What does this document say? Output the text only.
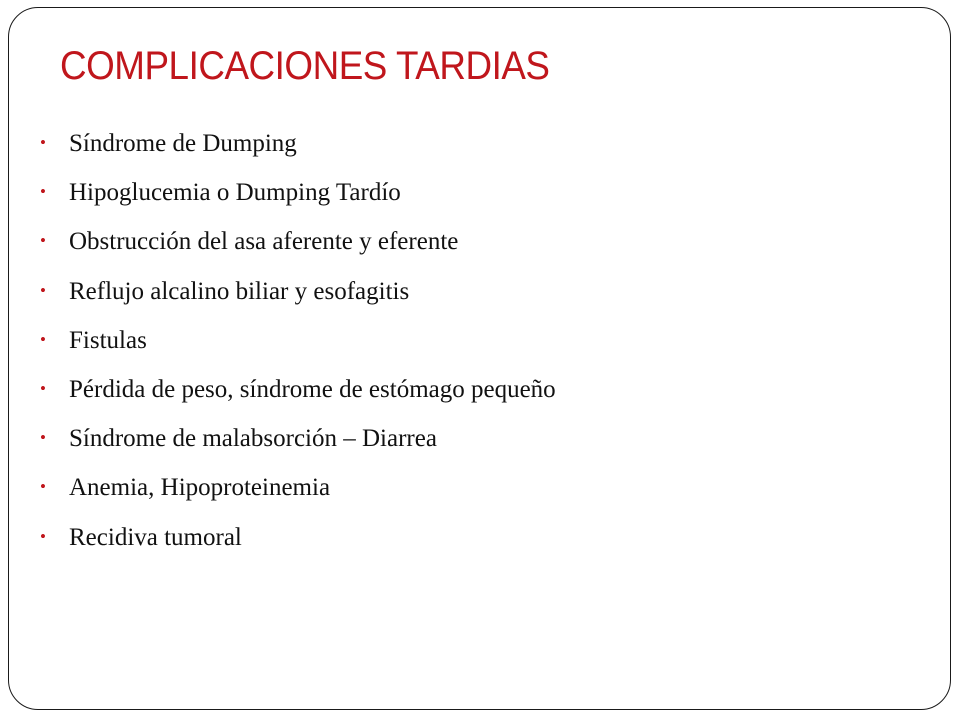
COMPLICACIONES TARDIAS
• Síndrome de Dumping
• Hipoglucemia o Dumping Tardío
• Obstrucción del asa aferente y eferente
• Reflujo alcalino biliar y esofagitis
• Fistulas
• Pérdida de peso, síndrome de estómago pequeño
• Síndrome de malabsorción – Diarrea
• Anemia, Hipoproteinemia
• Recidiva tumoral
